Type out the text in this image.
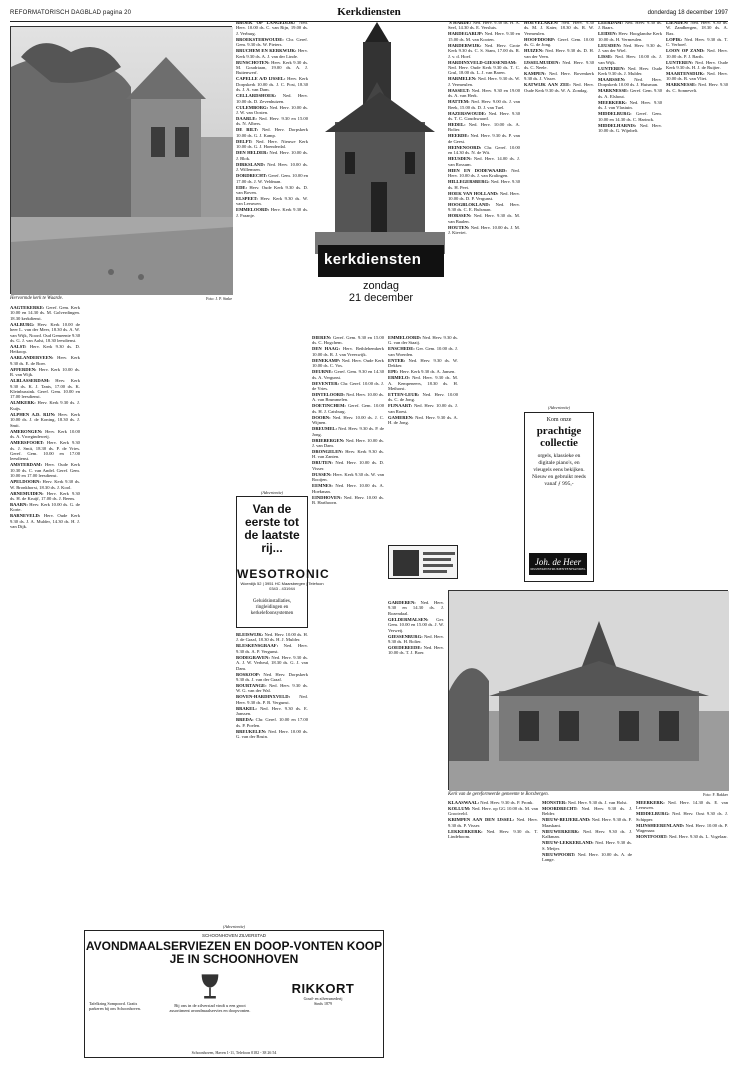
REFORMATORISCH DAGBLAD pagina 20	Kerkdiensten	donderdag 18 december 1997
Hervormde kerk te Waarde.	Foto: J. P. Sinke
AAGTEKERKE: Geref. Gem. Kerk 10.00 en 14.30 ds. M. Golverdingen. 18.30 kerkdienst.
AALBURG: Herv. Kerk 10.00 de heer L. van der Meer, 18.30 ds. A. W. van Wijk, Noord. Oud Gemeente 9.30 ds. G. J. van Aalst, 18.30 leesdienst.
AALST: Herv. Kerk 9.30 ds. D. Heikoop.
AARLANDERVEEN: Herv. Kerk 9.30 ds. E. de Boer.
AFFERDEN: Herv. Kerk 10.00 ds. R. van Wijk.
ALBLASSERDAM: Herv. Kerk 9.30 ds. K. J. Tanis, 17.00 ds. K. Kleinbussink. Geref. Gem. 10.00 en 17.00 leesdienst.
ALMKERK: Herv. Kerk 9.30 ds. J. Kuijs.
ALPHEN A.D. RIJN: Herv. Kerk 10.00 ds. J. de Koning, 18.30 ds. J. Smit.
AMERONGEN: Herv. Kerk 10.00 ds. A. Vroegindeweij.
AMERSFOORT: Herv. Kerk 9.30 ds. J. Smit, 18.30 ds. P. de Vries. Geref. Gem. 10.00 en 17.00 leesdienst.
AMSTERDAM: Herv. Oude Kerk 10.30 ds. C. van Andel. Geref. Gem. 10.00 en 17.00 leesdienst.
APELDOORN: Herv. Kerk 9.30 ds. W. Bronkhorst, 18.30 ds. J. Kool.
ARNEMUIDEN: Herv. Kerk 9.30 ds. H. de Kruijf, 17.00 ds. J. Beens.
BAARN: Herv. Kerk 10.00 ds. G. de Korte.
BARNEVELD: Herv. Oude Kerk 9.30 ds. J. A. Mulder, 14.30 ds. H. J. van Dijk.
BROEK OP LANGEDIJK: Ned. Herv. 10.00 ds. C. van Rijn, 19.00 ds. J. Verburg.
BROEKSTERWOUDE: Chr. Geref. Gem. 9.30 ds. W. Pieters.
BRUCHEM EN KERKWIJK: Herv. Kerk 9.30 ds. A. J. van der Linde.
BUNSCHOTEN: Herv. Kerk 9.30 ds. M. Goudriaan, 19.00 ds. A. J. Buitenwerf.
CAPELLE A/D IJSSEL: Herv. Kerk Dorpskerk 10.00 ds. J. C. Post, 18.30 ds. J. A. van Dam.
CELLARDSHOEK: Ned. Herv. 10.00 ds. D. Zevenhuizen.
CULEMBORG: Ned. Herv. 10.00 ds. J. W. van Oosten.
DAARLE: Ned. Herv. 9.30 en 15.00 ds. N. Albers.
DE BILT: Ned. Herv. Dorpskerk 10.00 ds. G. J. Kamp.
DELFT: Ned. Herv. Nieuwe Kerk 10.00 ds. G. J. Hoenderdal.
DEN HELDER: Ned. Herv. 10.00 ds. J. Blok.
DIRKSLAND: Ned. Herv. 10.00 ds. J. Willemsen.
DORDRECHT: Geref. Gem. 10.00 en 17.00 ds. J. W. Veldman.
EDE: Herv. Oude Kerk 9.30 ds. D. van Boven.
ELSPEET: Herv. Kerk 9.30 ds. W. van Leeuwen.
EMMELOORD: Herv. Kerk 9.30 ds. J. Fraanje.
kerkdiensten
zondag
21 december
(Advertentie)
Van de eerste tot de laatste rij...
WESOTRONIC
Woerdijk 52 | 3951 HC Maarsbergen | Telefoon 0343 - 431944
Geluidsinstallaties, ringleidingen en kerkelefoonsystemen
BLEISWIJK: Ned. Herv. 10.00 ds. H. J. de Graaf, 18.30 ds. H. J. Mulder.
BLESKENSGRAAF: Ned. Herv. 9.30 ds. A. P. Vergunst.
BODEGRAVEN: Ned. Herv. 9.30 ds. A. J. W. Verheul, 18.30 ds. G. J. van Dam.
BOSKOOP: Ned. Herv. Dorpskerk 9.30 ds. J. van der Graaf.
BOURTANGE: Ned. Herv. 9.30 ds. W. G. van der Wal.
BOVEN-HARDINXVELD: Ned. Herv. 9.30 ds. P. B. Vergunst.
BRAKEL: Ned. Herv. 9.30 ds. E. Janssen.
BREDA: Chr. Geref. 10.00 en 17.00 ds. P. Poelen.
BREUKELEN: Ned. Herv. 10.00 ds. G. van der Bruin.
DIEREN: Geref. Gem. 9.30 en 15.00 ds. C. Hogchem.
DEN HAAG: Herv. Bethlehemkerk 10.00 ds. R. J. van Vreeswijk.
DENEKAMP: Ned. Herv. Oude Kerk 10.00 ds. C. Vos.
DEURNE: Geref. Gem. 9.30 en 14.30 ds. A. Vergunst.
DEVENTER: Chr. Geref. 10.00 ds. J. de Vries.
DINTELOORD: Ned. Herv. 10.00 ds. A. van Brummelen.
DOETINCHEM: Geref. Gem. 10.00 ds. H. J. Catsburg.
DOORN: Ned. Herv. 10.00 ds. J. C. Wijnen.
DREUMEL: Ned. Herv. 9.30 ds. P. de Jong.
DRIEBERGEN: Ned. Herv. 10.00 ds. J. van Dam.
DRONGELEN: Herv. Kerk 9.30 ds. H. van Zanten.
DRUTEN: Ned. Herv. 10.00 ds. D. Visser.
DUSSEN: Herv. Kerk 9.30 ds. W. van Rooijen.
EEMNES: Ned. Herv. 10.00 ds. A. Hoekman.
EINDHOVEN: Ned. Herv. 10.00 ds. B. Harthoorn.
EMMELOORD: Ned. Herv. 9.30 ds. G. van der Staaij.
ENSCHEDE: Ger. Gem. 10.00 ds. J. van Woerden.
ENTER: Ned. Herv. 9.30 ds. W. Dekker.
EPE: Herv. Kerk 9.30 ds. A. Jansen.
ERMELO: Ned. Herv. 9.30 ds. M. A. Kempeneers, 18.30 ds. H. Methorst.
ETTEN-LEUR: Ned. Herv. 10.00 ds. C. de Jong.
FIJNAART: Ned. Herv. 10.00 ds. J. van Roest.
GAMEREN: Ned. Herv. 9.30 ds. A. H. de Jong.
'S HARDE: Ned. Herv. 9.30 ds. H. A. Seel, 14.30 ds. E. Versluis.
HARDEGARIJP: Ned. Herv. 9.30 en 15.00 ds. M. van Kooten.
HARDERWIJK: Ned. Herv. Grote Kerk 9.30 ds. C. S. Stam, 17.00 ds. R. J. v. d. Hoef.
HARDINXVELD-GIESSENDAM: Ned. Herv. Oude Kerk 9.30 ds. T. C. Grul, 18.00 ds. L. J. van Baren.
HARMELEN: Ned. Herv. 9.30 ds. W. J. Vermeulen.
HASSELT: Ned. Herv. 9.30 en 19.00 ds. A. van Herk.
HATTEM: Ned. Herv. 9.00 ds. J. van Beek, 15.00 ds. D. J. van Tuel.
HAZERSWOUDE: Ned. Herv. 9.30 ds. T. C. Goudswaard.
HEDEL: Ned. Herv. 10.00 ds. A. Bolier.
HEERDE: Ned. Herv. 9.30 ds. P. van de Geest.
HEINENOORD: Chr. Geref. 10.00 en 14.30 ds. N. de Wit.
HEUSDEN: Ned. Herv. 14.00 ds. J. van Rossum.
HIEN EN DODEWAARD: Ned. Herv. 10.00 ds. J. van Kralingen.
HILLEGERSBERG: Ned. Herv. 9.30 ds. H. Peet.
HOEK VAN HOLLAND: Ned. Herv. 10.00 ds. D. P. Vergunst.
HOOGBLOKLAND: Ned. Herv. 9.30 ds. C. E. Bulsman.
HORSSEN: Ned. Herv. 9.30 ds. M. van Baalen.
HOUTEN: Ned. Herv. 10.00 ds. J. M. J. Kieviet.
HOEVELAKEN: Ned. Herv. 9.30 ds. M. J. Kater, 18.30 ds. R. W. Vermeulen.
HOOFDDORP: Geref. Gem. 10.00 ds. G. de Jong.
HUIZEN: Ned. Herv. 9.30 ds. D. H. van der Veen.
IJSSELMUIDEN: Ned. Herv. 9.30 ds. C. Neele.
KAMPEN: Ned. Herv. Bovenkerk 9.30 ds. J. Visser.
KATWIJK AAN ZEE: Ned. Herv. Oude Kerk 9.30 ds. W. A. Zondag.
(Advertentie)
Kom onze
prachtige collectie
orgels, klassieke en digitale piano's, en vleugels eens bekijken. Nieuw en gebruikt reeds vanaf ƒ 995,-
Joh. de Heer
MUZIEKINSTRUMENTENHANDEL
LEERDAM: Ned. Herv. 9.30 ds. J. Baars.
LEIDEN: Herv. Hooglandse Kerk 10.00 ds. H. Vermeulen.
LEUSDEN: Ned. Herv. 9.30 ds. J. van der Wiel.
LISSE: Ned. Herv. 10.00 ds. J. van Wijk.
LUNTEREN: Ned. Herv. Oude Kerk 9.30 ds. J. Mulder.
MAARSSEN: Ned. Herv. Dorpskerk 10.00 ds. J. Huisman.
MARKNESSE: Geref. Gem. 9.30 ds. A. Elshout.
MEERKERK: Ned. Herv. 9.30 ds. J. van Vlastuin.
MIDDELBURG: Geref. Gem. 10.00 en 14.30 ds. C. Harinck.
MIDDELHARNIS: Ned. Herv. 10.00 ds. G. Wijnbelt.
LIENDEN: Ned. Herv. 9.30 ds. W. Zandbergen, 18.30 ds. A. Bax.
LOPIK: Ned. Herv. 9.30 ds. T. C. Verhoef.
LOON OP ZAND: Ned. Herv. 10.00 ds. P. J. Barth.
LUNTEREN: Ned. Herv. Oude Kerk 9.30 ds. H. J. de Ruijter.
MAARTENSDIJK: Ned. Herv. 10.00 ds. B. van Vliet.
MARKNESSE: Ned. Herv. 9.30 ds. C. Sonnevelt.
Kerk van de gereformeerde gemeente te Borsbergen.	Foto: F. Bakker
(Advertentie)
SCHOONHOVEN ZILVERSTAD
AVONDMAALSERVIEZEN EN DOOP-VONTEN KOOP JE IN SCHOONHOVEN
Tafelkring Sompoord. Gratis parkeren bij ons Schoonhoven.
Bij ons in de zilverstad vindt u een groot assortiment avondmaalservies en doopvonten.
RIKKORT
Goud- en zilversmederij
Sinds 1879
Schoonhoven, Haven 1-11, Telefoon 0182 - 38 26 54
GARDEREN: Ned. Herv. 9.30 en 14.30 ds. J. Rozendaal.
GELDERMALSEN: Ger. Gem. 10.00 en 15.00 ds. J. W. Verweij.
GIESSENBURG: Ned. Herv. 9.30 ds. H. Bolier.
GOEDEREEDE: Ned. Herv. 10.00 ds. T. J. Boer.
KLAASWAAL: Ned. Herv. 9.30 ds. P. Pronk.
KOLLUM: Ned. Herv. op GG 10.00 ds. M. van Grootveld.
KRIMPEN AAN DEN IJSSEL: Ned. Herv. 9.30 ds. P. Visser.
LEKKERKERK: Ned. Herv. 9.30 ds. T. Lindeboom.
MONSTER: Ned. Herv. 9.30 ds. J. van Holst.
MOORDRECHT: Ned. Herv. 9.30 ds. J. Belder.
NIEUW-BEIJERLAND: Ned. Herv. 9.30 ds. F. Maaskant.
NIEUWERKERK: Ned. Herv. 9.30 ds. J. Kalkman.
NIEUW-LEKKERLAND: Ned. Herv. 9.30 ds. S. Meijer.
NIEUWPOORT: Ned. Herv. 10.00 ds. A. de Lange.
MEERKERK: Ned. Herv. 14.30 ds. E. van Leeuwen.
MIDDELBURG: Ned. Herv. Oost 9.30 ds. J. Schipper.
MIJNSHEERENLAND: Ned. Herv. 10.00 ds. P. Wagenaar.
MONTFOORT: Ned. Herv. 9.30 ds. L. Vogelaar.
